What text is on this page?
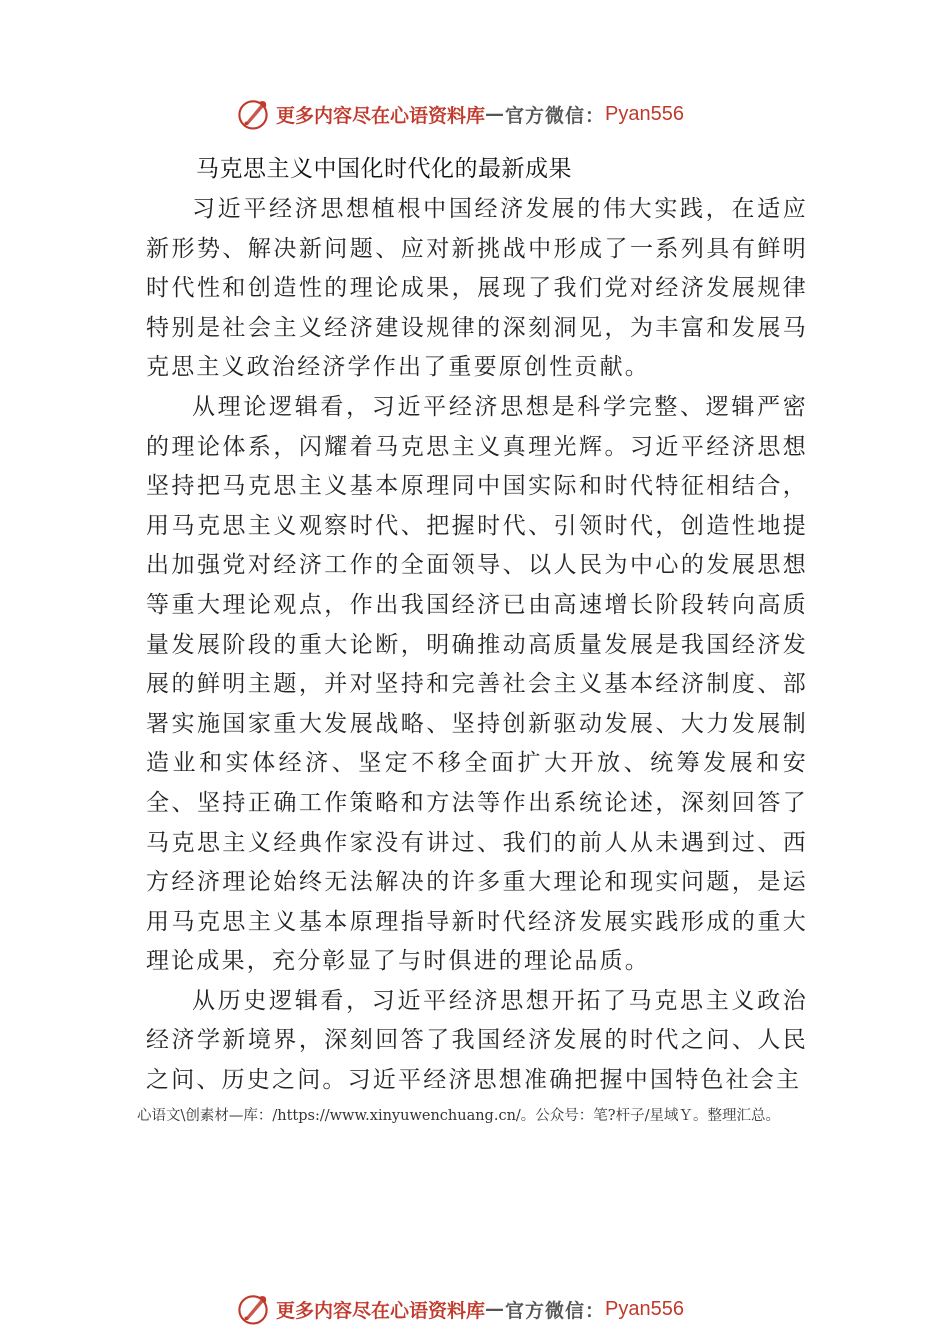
更多内容尽在心语资料库 — 官方微信： Pyan556
马克思主义中国化时代化的最新成果

习近平经济思想植根中国经济发展的伟大实践，在适应新形势、解决新问题、应对新挑战中形成了一系列具有鲜明时代性和创造性的理论成果，展现了我们党对经济发展规律特别是社会主义经济建设规律的深刻洞见，为丰富和发展马克思主义政治经济学作出了重要原创性贡献。

从理论逻辑看，习近平经济思想是科学完整、逻辑严密的理论体系，闪耀着马克思主义真理光辉。习近平经济思想坚持把马克思主义基本原理同中国实际和时代特征相结合， 用马克思主义观察时代、把握时代、引领时代，创造性地提出加强党对经济工作的全面领导、以人民为中心的发展思想等重大理论观点，作出我国经济已由高速增长阶段转向高质量发展阶段的重大论断，明确推动高质量发展是我国经济发展的鲜明主题，并对坚持和完善社会主义基本经济制度、部署实施国家重大发展战略、坚持创新驱动发展、大力发展制造业和实体经济、坚定不移全面扩大开放、统筹发展和安全、坚持正确工作策略和方法等作出系统论述，深刻回答了马克思主义经典作家没有讲过、我们的前人从未遇到过、西方经济理论始终无法解决的许多重大理论和现实问题，是运用马克思主义基本原理指导新时代经济发展实践形成的重大理论成果，充分彰显了与时俱进的理论品质。

从历史逻辑看，习近平经济思想开拓了马克思主义政治经济学新境界，深刻回答了我国经济发展的时代之问、人民之问、历史之问。习近平经济思想准确把握中国特色社会主

心语文\创素材—库：/https://www.xinyuwenchuang.cn/。公众号：笔?杆子/星域Ｙ。整理汇总。
更多内容尽在心语资料库 — 官方微信： Pyan556
